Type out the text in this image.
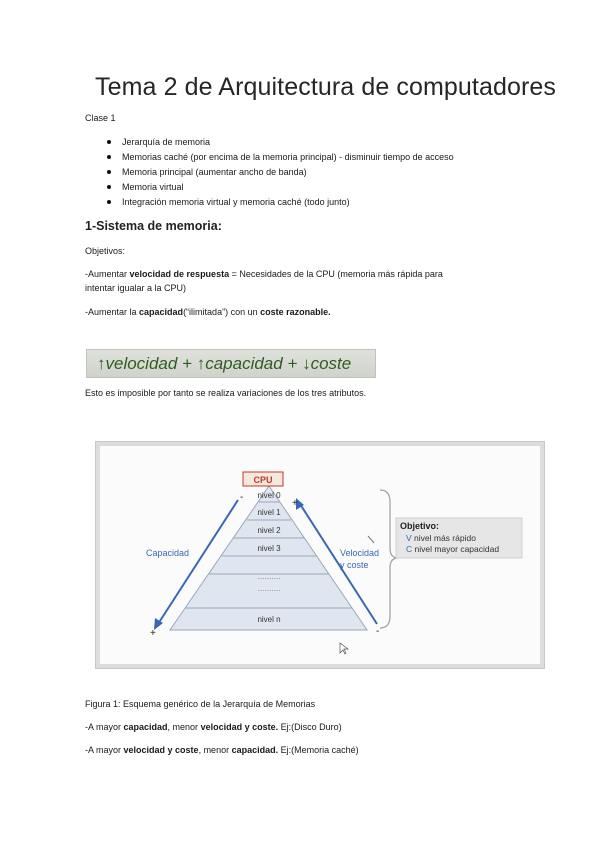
Tema 2 de Arquitectura de computadores
Clase 1
Jerarquía de memoria
Memorias caché (por encima de la memoria principal) - disminuir tiempo de acceso
Memoria principal (aumentar ancho de banda)
Memoria virtual
Integración memoria virtual y memoria caché (todo junto)
1-Sistema de memoria:
Objetivos:
-Aumentar velocidad de respuesta = Necesidades de la CPU (memoria más rápida para
intentar igualar a la CPU)
-Aumentar la capacidad(“ilimitada”) con un coste razonable.
↑velocidad + ↑capacidad + ↓coste
Esto es imposible por tanto se realiza variaciones de los tres atributos.
nivel 0
nivel 1
nivel 2
nivel 3
……….
……….
nivel n
CPU
Capacidad
-
+
Velocidad
y coste
+
-
Objetivo:
V nivel más rápido
C nivel mayor capacidad
Figura 1: Esquema genérico de la Jerarquía de Memorias
-A mayor capacidad, menor velocidad y coste. Ej:(Disco Duro)
-A mayor velocidad y coste, menor capacidad. Ej:(Memoria caché)
